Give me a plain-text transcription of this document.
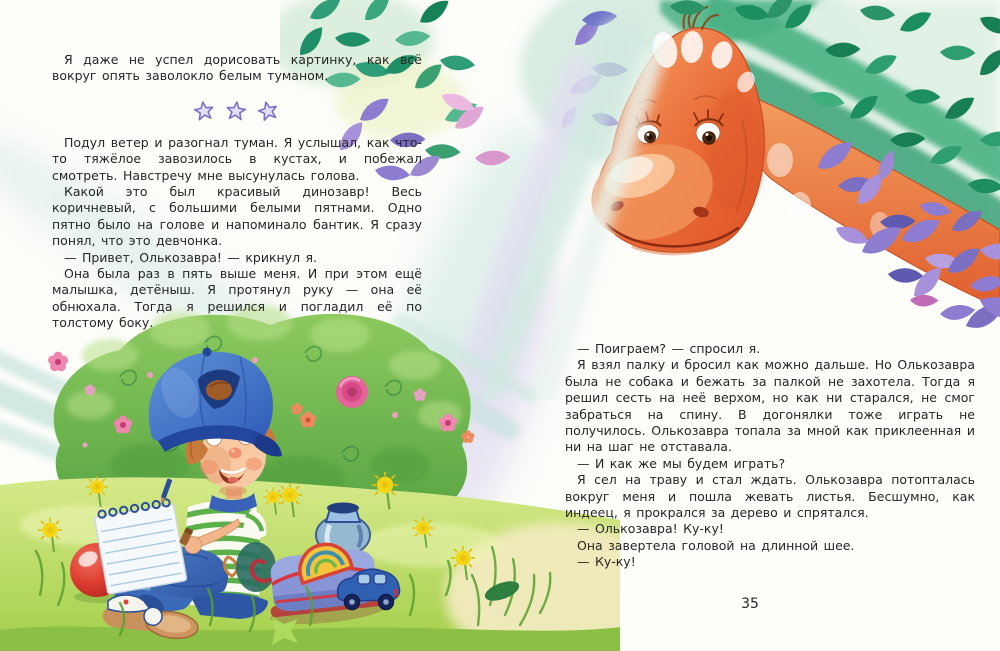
Я даже не успел дорисовать картинку, как всё вокруг опять заволокло белым туманом.

Подул ветер и разогнал туман. Я услышал, как что-то тяжёлое завозилось в кустах, и побежал смотреть. Навстречу мне высунулась голова.

Какой это был красивый динозавр! Весь коричневый, с большими белыми пятнами. Одно пятно было на голове и напоминало бантик. Я сразу понял, что это девчонка.

— Привет, Олькозавра! — крикнул я.

Она была раз в пять выше меня. И при этом ещё малышка, детёныш. Я протянул руку — она её обнюхала. Тогда я решился и погладил её по толстому боку.

— Поиграем? — спросил я.

Я взял палку и бросил как можно дальше. Но Олькозавра была не собака и бежать за палкой не захотела. Тогда я решил сесть на неё верхом, но как ни старался, не смог забраться на спину. В догонялки тоже играть не получилось. Олькозавра топала за мной как приклеенная и ни на шаг не отставала.

— И как же мы будем играть?

Я сел на траву и стал ждать. Олькозавра потопталась вокруг меня и пошла жевать листья. Бесшумно, как индеец, я прокрался за дерево и спрятался.

— Олькозавра! Ку-ку!

Она завертела головой на длинной шее.

— Ку-ку!

35
